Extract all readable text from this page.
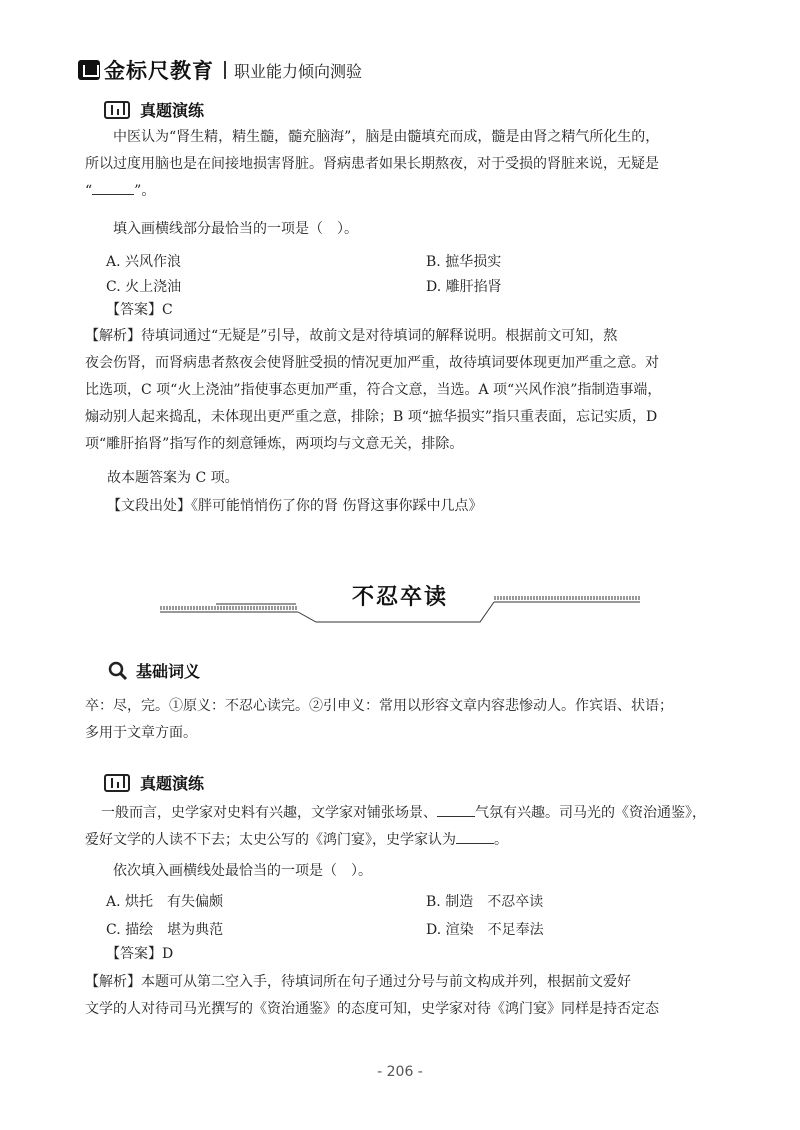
金标尺教育 职业能力倾向测验
真题演练
中医认为“肾生精，精生髓，髓充脑海”，脑是由髓填充而成，髓是由肾之精气所化生的，
所以过度用脑也是在间接地损害肾脏。肾病患者如果长期熬夜，对于受损的肾脏来说，无疑是
“	”。
填入画横线部分最恰当的一项是（　）。
A. 兴风作浪	B. 摭华损实
C. 火上浇油	D. 雕肝掐肾
【答案】C
【解析】待填词通过“无疑是”引导，故前文是对待填词的解释说明。根据前文可知，熬
夜会伤肾，而肾病患者熬夜会使肾脏受损的情况更加严重，故待填词要体现更加严重之意。对
比选项，C 项“火上浇油”指使事态更加严重，符合文意，当选。A 项“兴风作浪”指制造事端，
煽动别人起来捣乱，未体现出更严重之意，排除；B 项“摭华损实”指只重表面，忘记实质，D
项“雕肝掐肾”指写作的刻意锤炼，两项均与文意无关，排除。
故本题答案为 C 项。
【文段出处】《胖可能悄悄伤了你的肾 伤肾这事你踩中几点》
不忍卒读
基础词义
卒：尽，完。①原义：不忍心读完。②引申义：常用以形容文章内容悲惨动人。作宾语、状语；
多用于文章方面。
真题演练
一般而言，史学家对史料有兴趣，文学家对铺张场景、	气氛有兴趣。司马光的《资治通鉴》，
爱好文学的人读不下去；太史公写的《鸿门宴》，史学家认为	。
依次填入画横线处最恰当的一项是（　）。
A. 烘托　有失偏颇	B. 制造　不忍卒读
C. 描绘　堪为典范	D. 渲染　不足奉法
【答案】D
【解析】本题可从第二空入手，待填词所在句子通过分号与前文构成并列，根据前文爱好
文学的人对待司马光撰写的《资治通鉴》的态度可知，史学家对待《鸿门宴》同样是持否定态
- 206 -
